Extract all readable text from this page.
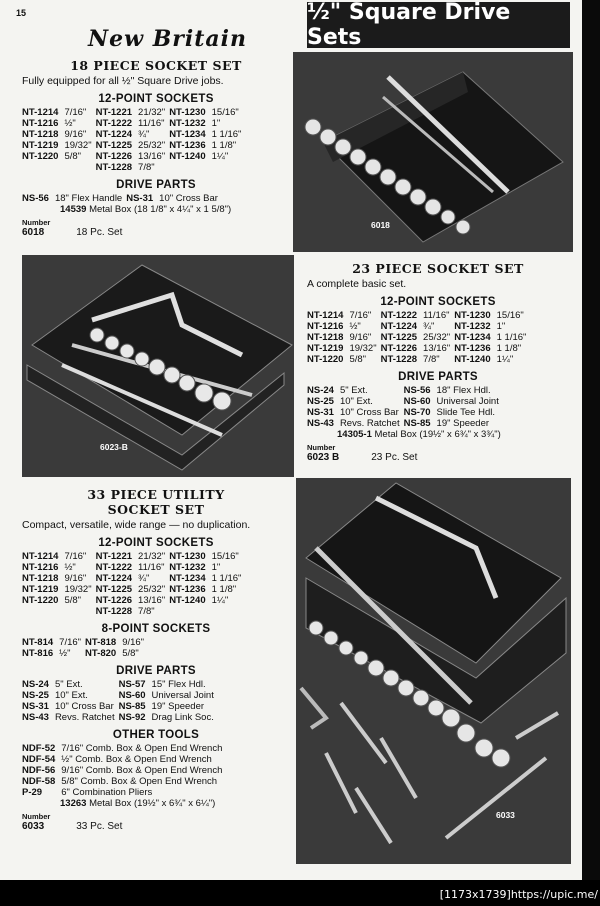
15	½" Square Drive Sets
New Britain
6018
6023-B
6033
18 PIECE SOCKET SET
Fully equipped for all ½" Square Drive jobs.
12-POINT SOCKETS
NT-1214	7/16"	NT-1221	21/32"	NT-1230	15/16"
NT-1216	½"	NT-1222	11/16"	NT-1232	1"
NT-1218	9/16"	NT-1224	¾"	NT-1234	1 1/16"
NT-1219	19/32"	NT-1225	25/32"	NT-1236	1 1/8"
NT-1220	5/8"	NT-1226	13/16"	NT-1240	1¼"
		NT-1228	7/8"		
DRIVE PARTS
NS-56	18" Flex Handle	NS-31	10" Cross Bar
14539 Metal Box (18 1/8" x 4¼" x 1 5/8")
Number
6018	18 Pc. Set
23 PIECE SOCKET SET
A complete basic set.
12-POINT SOCKETS
NT-1214	7/16"	NT-1222	11/16"	NT-1230	15/16"
NT-1216	½"	NT-1224	¾"	NT-1232	1"
NT-1218	9/16"	NT-1225	25/32"	NT-1234	1 1/16"
NT-1219	19/32"	NT-1226	13/16"	NT-1236	1 1/8"
NT-1220	5/8"	NT-1228	7/8"	NT-1240	1¼"
DRIVE PARTS
NS-24	5" Ext.	NS-56	18" Flex Hdl.
NS-25	10" Ext.	NS-60	Universal Joint
NS-31	10" Cross Bar	NS-70	Slide Tee Hdl.
NS-43	Revs. Ratchet	NS-85	19" Speeder
14305-1 Metal Box (19½" x 6¾" x 3¾")
Number
6023 B	23 Pc. Set
33 PIECE UTILITY
SOCKET SET
Compact, versatile, wide range — no duplication.
12-POINT SOCKETS
NT-1214	7/16"	NT-1221	21/32"	NT-1230	15/16"
NT-1216	½"	NT-1222	11/16"	NT-1232	1"
NT-1218	9/16"	NT-1224	¾"	NT-1234	1 1/16"
NT-1219	19/32"	NT-1225	25/32"	NT-1236	1 1/8"
NT-1220	5/8"	NT-1226	13/16"	NT-1240	1¼"
		NT-1228	7/8"		
8-POINT SOCKETS
NT-814	7/16"	NT-818	9/16"
NT-816	½"	NT-820	5/8"
DRIVE PARTS
NS-24	5" Ext.	NS-57	15" Flex Hdl.
NS-25	10" Ext.	NS-60	Universal Joint
NS-31	10" Cross Bar	NS-85	19" Speeder
NS-43	Revs. Ratchet	NS-92	Drag Link Soc.
OTHER TOOLS
NDF-52	7/16" Comb. Box & Open End Wrench
NDF-54	½" Comb. Box & Open End Wrench
NDF-56	9/16" Comb. Box & Open End Wrench
NDF-58	5/8" Comb. Box & Open End Wrench
P-29	6" Combination Pliers
13263 Metal Box (19½" x 6¾" x 6¼")
Number
6033	33 Pc. Set
[1173x1739]https://upic.me/
